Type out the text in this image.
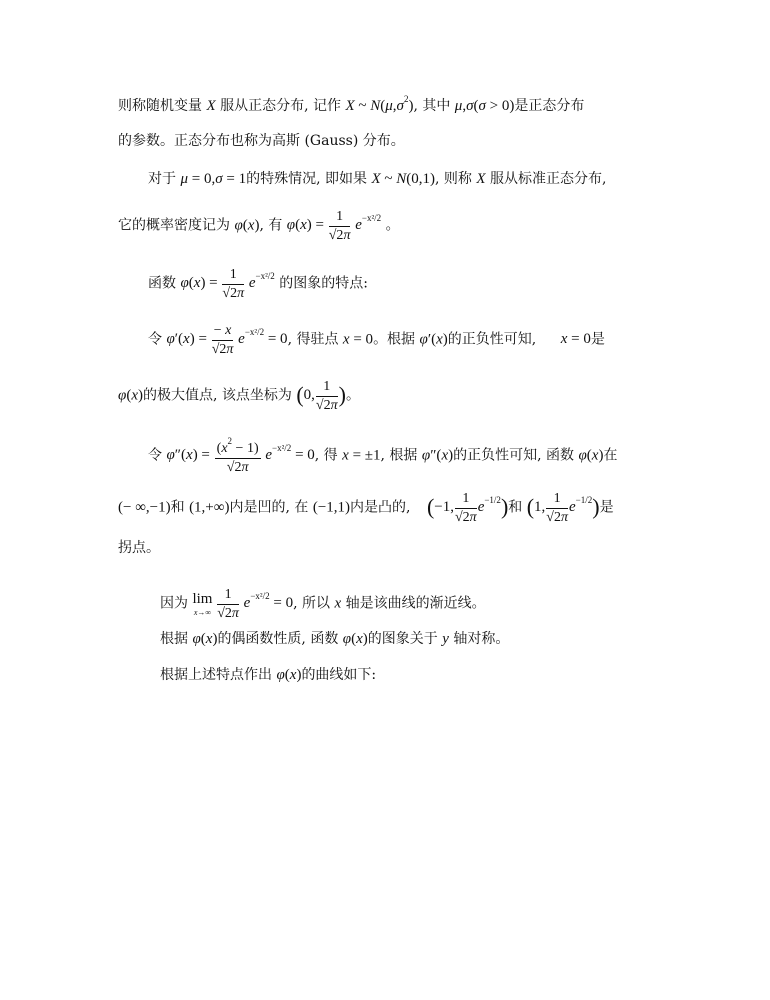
则称随机变量 X 服从正态分布, 记作 X ~ $N(\mu,\sigma^2)$, 其中 μ,σ(σ > 0)是正态分布
的参数。正态分布也称为高斯 (Gauss) 分布。
对于 μ = 0,σ = 1的特殊情况, 即如果 X ~ N(0,1), 则称 X 服从标准正态分布,
它的概率密度记为 φ(x), 有 $\varphi(x) = \frac{1}{√2\pi} e^{-x^2/2}$ 。
函数 $\varphi(x) = \frac{1}{√2\pi} e^{-x^2/2}$ 的图象的特点:
令 $\varphi'(x) = \frac{- x}{√2\pi} e^{-x^2/2} = 0$, 得驻点 x = 0。根据 φ′(x)的正负性可知, x = 0是
φ(x)的极大值点, 该点坐标为 (0, $\frac{1}{√2\pi}$ )。
令 $\varphi''(x) = \frac{(x^2 - 1)}{√2\pi} e^{-x^2/2} = 0$, 得 x = ±1, 根据 φ″(x)的正负性可知, 函数 φ(x)在
(− ∞,−1)和 (1,+∞)内是凹的, 在 (−1,1)内是凸的, (−1, $\frac{1}{√2\pi} e^{-1/2}$)和 (1, $\frac{1}{√2\pi} e^{-1/2}$)是
拐点。
因为 lim
x→∞
$\frac{1}{√2\pi} e^{-x^2/2} = 0$, 所以 x 轴是该曲线的渐近线。
根据 φ(x)的偶函数性质, 函数 φ(x)的图象关于 y 轴对称。
根据上述特点作出 φ(x)的曲线如下:
